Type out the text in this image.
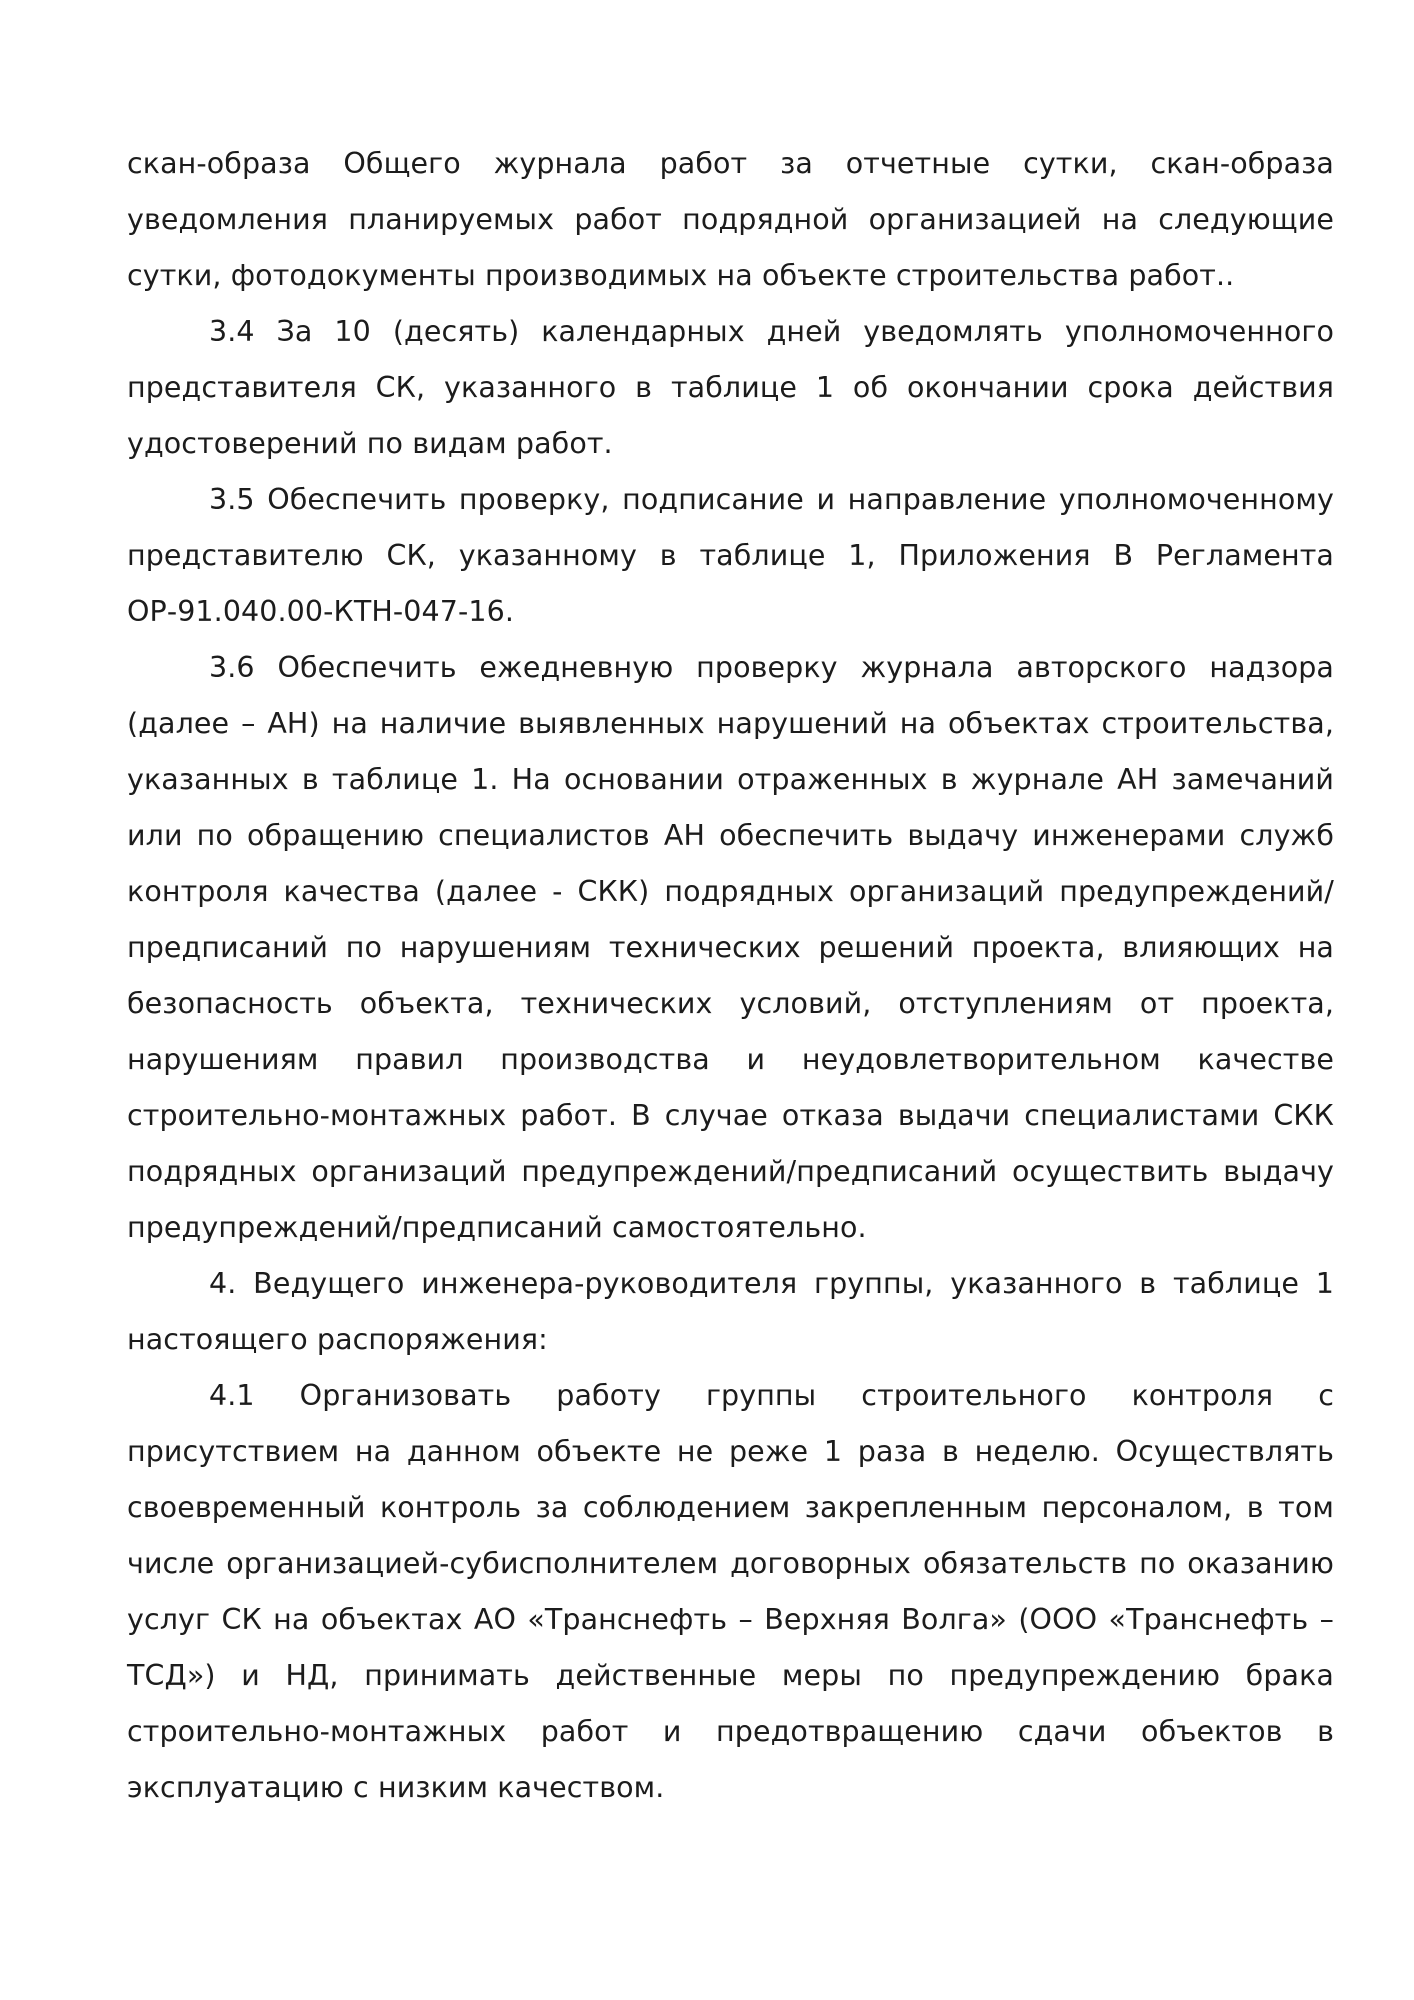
скан-образа Общего журнала работ за отчетные сутки, скан-образа уведомления планируемых работ подрядной организацией на следующие сутки, фотодокументы производимых на объекте строительства работ..

3.4 За 10 (десять) календарных дней уведомлять уполномоченного представителя СК, указанного в таблице 1 об окончании срока действия удостоверений по видам работ.

3.5 Обеспечить проверку, подписание и направление уполномоченному представителю СК, указанному в таблице 1, Приложения В Регламента ОР-91.040.00-КТН-047-16.

3.6 Обеспечить ежедневную проверку журнала авторского надзора (далее – АН) на наличие выявленных нарушений на объектах строительства, указанных в таблице 1. На основании отраженных в журнале АН замечаний или по обращению специалистов АН обеспечить выдачу инженерами служб контроля качества (далее - СКК) подрядных организаций предупреждений/предписаний по нарушениям технических решений проекта, влияющих на безопасность объекта, технических условий, отступлениям от проекта, нарушениям правил производства и неудовлетворительном качестве строительно-монтажных работ. В случае отказа выдачи специалистами СКК подрядных организаций предупреждений/предписаний осуществить выдачу предупреждений/предписаний самостоятельно.

4. Ведущего инженера-руководителя группы, указанного в таблице 1 настоящего распоряжения:

4.1 Организовать работу группы строительного контроля с присутствием на данном объекте не реже 1 раза в неделю. Осуществлять своевременный контроль за соблюдением закрепленным персоналом, в том числе организацией-субисполнителем договорных обязательств по оказанию услуг СК на объектах АО «Транснефть – Верхняя Волга» (ООО «Транснефть – ТСД») и НД, принимать действенные меры по предупреждению брака строительно-монтажных работ и предотвращению сдачи объектов в эксплуатацию с низким качеством.
